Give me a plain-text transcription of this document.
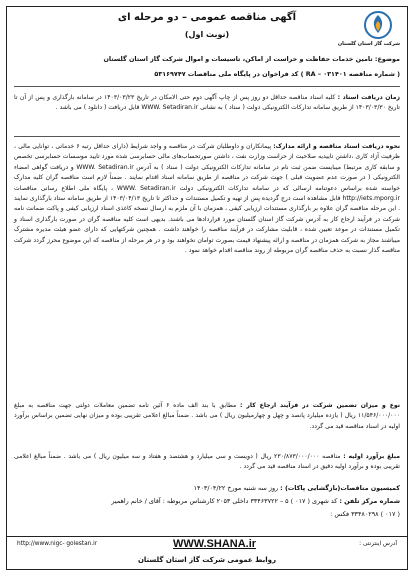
شرکت گاز استان گلستان
آگهی مناقصه عمومی – دو مرحله ای
(نوبت اول)
موضوع: تامین خدمات حفاظت و حراست از اماکن، تاسیسات و اموال شرکت گاز استان گلستان
( شماره مناقصه RA – ۰۳۱۴۰۱ ) کد فراخوان در پایگاه ملی مناقصات ۵۳۱۶۹۷۴۷
زمان دریافت اسناد : کلیه اسناد مناقصه حداقل دو روز پس از چاپ آگهی دوم حتی الامکان در تاریخ ۱۴۰۳/۰۳/۲۳ در سامانه بارگذاری و پس از آن تا تاریخ ۱۴۰۳/۰۳/۳۰ از طریق سامانه تدارکات الکترونیکی دولت ( ستاد ) به نشانی WWW. Setadiran.ir قابل دریافت ( دانلود ) می باشد .
نحوه دریافت اسناد مناقصه و ارائه مدارک: پیمانکاران و داوطلبان شرکت در مناقصه و واجد شرایط (دارای حداقل رتبه ۶ خدماتی ، توانایی مالی ، ظرفیت آزاد کاری ،داشتن تاییدیه صلاحیت از حراست وزارت نفت ، داشتن صورتحساب‌های مالی حسابرسی شده مورد تایید موسسات حسابرسی تخصص و سابقه کاری مرتبط) میبایست ضمن ثبت نام در سامانه تدارکات الکترونیکی دولت ( ستاد ) به آدرس WWW. Setadiran.ir و دریافت گواهی امضاء الکترونیکی ( در صورت عدم عضویت قبلی ) جهت شرکت در مناقصه از طریق سامانه اسناد اقدام نمایند . ضمناً لازم است مناقصه گران کلیه مدارک خواسته شده براساس دعوتنامه ارسالی که در سامانه تدارکات الکترونیکی دولت WWW. Setadiran.ir ، پایگاه ملی اطلاع رسانی مناقصات http://iets.mporg.ir قابل مشاهده است درج گردیده پس از تهیه و تکمیل مستندات و حداکثر تا تاریخ ۱۴۰۳/۰۴/۱۳ از طریق سامانه ستاد بارگذاری نمایند . این مرحله مناقصه گران علاوه بر بارگذاری مستندات ارزیابی کیفی ، همزمان با آن ملزم به ارسال نسخه کاغذی اسناد ارزیابی کیفی و پاکت ضمانت نامه شرکت در فرآیند ارجاع کار به آدرس شرکت گاز استان گلستان مورد قراردادها می باشند. بدیهی است کلیه مناقصه گران در صورت بارگذاری اسناد و تکمیل مستندات در موعد تعیین شده ، قابلیت مشارکت در فرآیند مناقصه را خواهند داشت . همچنین شرکتهایی که دارای عضو هیئت مدیره مشترک میباشند مجاز به شرکت همزمان در مناقصه و ارائه پیشنهاد قیمت بصورت توامان نخواهند بود و در هر مرحله از مناقصه که این موضوع محرز گردد شرکت مناقصه گذار نسبت به حذف مناقصه گران مربوطه از روند مناقصه اقدام خواهد نمود .
نوع و میزان تضمین شرکت در فرآیند ارجاع کار : مطابق با بند الف ماده ۶ آئین نامه تضمین معاملات دولتی جهت مناقصه به مبلغ ۱۱/۵۴۶/۰۰۰/۰۰۰ ریال ( یازده میلیارد پانصد و چهل و چهارمیلیون ریال ) می باشد . ضمناً مبالغ اعلامی تقریبی بوده و میزان نهایی تضمین براساس برآورد اولیه در اسناد مناقصه قید می گردد.
مبلغ برآورد اولیه : مناقصه ۲۳۰/۸۷۳/۰۰۰/۰۰۰ ریال ( دویست و سی میلیارد و هشتصد و هفتاد و سه میلیون ریال ) می باشد . ضمناً مبالغ اعلامی تقریبی بوده و برآورد اولیه دقیق در اسناد مناقصه قید می گردد .
کمیسیون مناقصات(بازگشایی پاکات) : روز سه شنبه مورخ ۱۴۰۳/۰۴/۲۲
شماره مرکز تلفن : کد شهری ( ۰۱۷ ) ۵ – ۳۳۴۶۳۷۲۲ داخلی ۲۰۵۳ کارشناس مربوطه : آقای / خانم راهمیر
( ۰۱۷ ) ۳۳۴۸۰۲۹۸ فکس :
http://www.nigc- golestan.ir	WWW.SHANA.ir	آدرس اینترنتی :
روابط عمومی شرکت گاز استان گلستان
